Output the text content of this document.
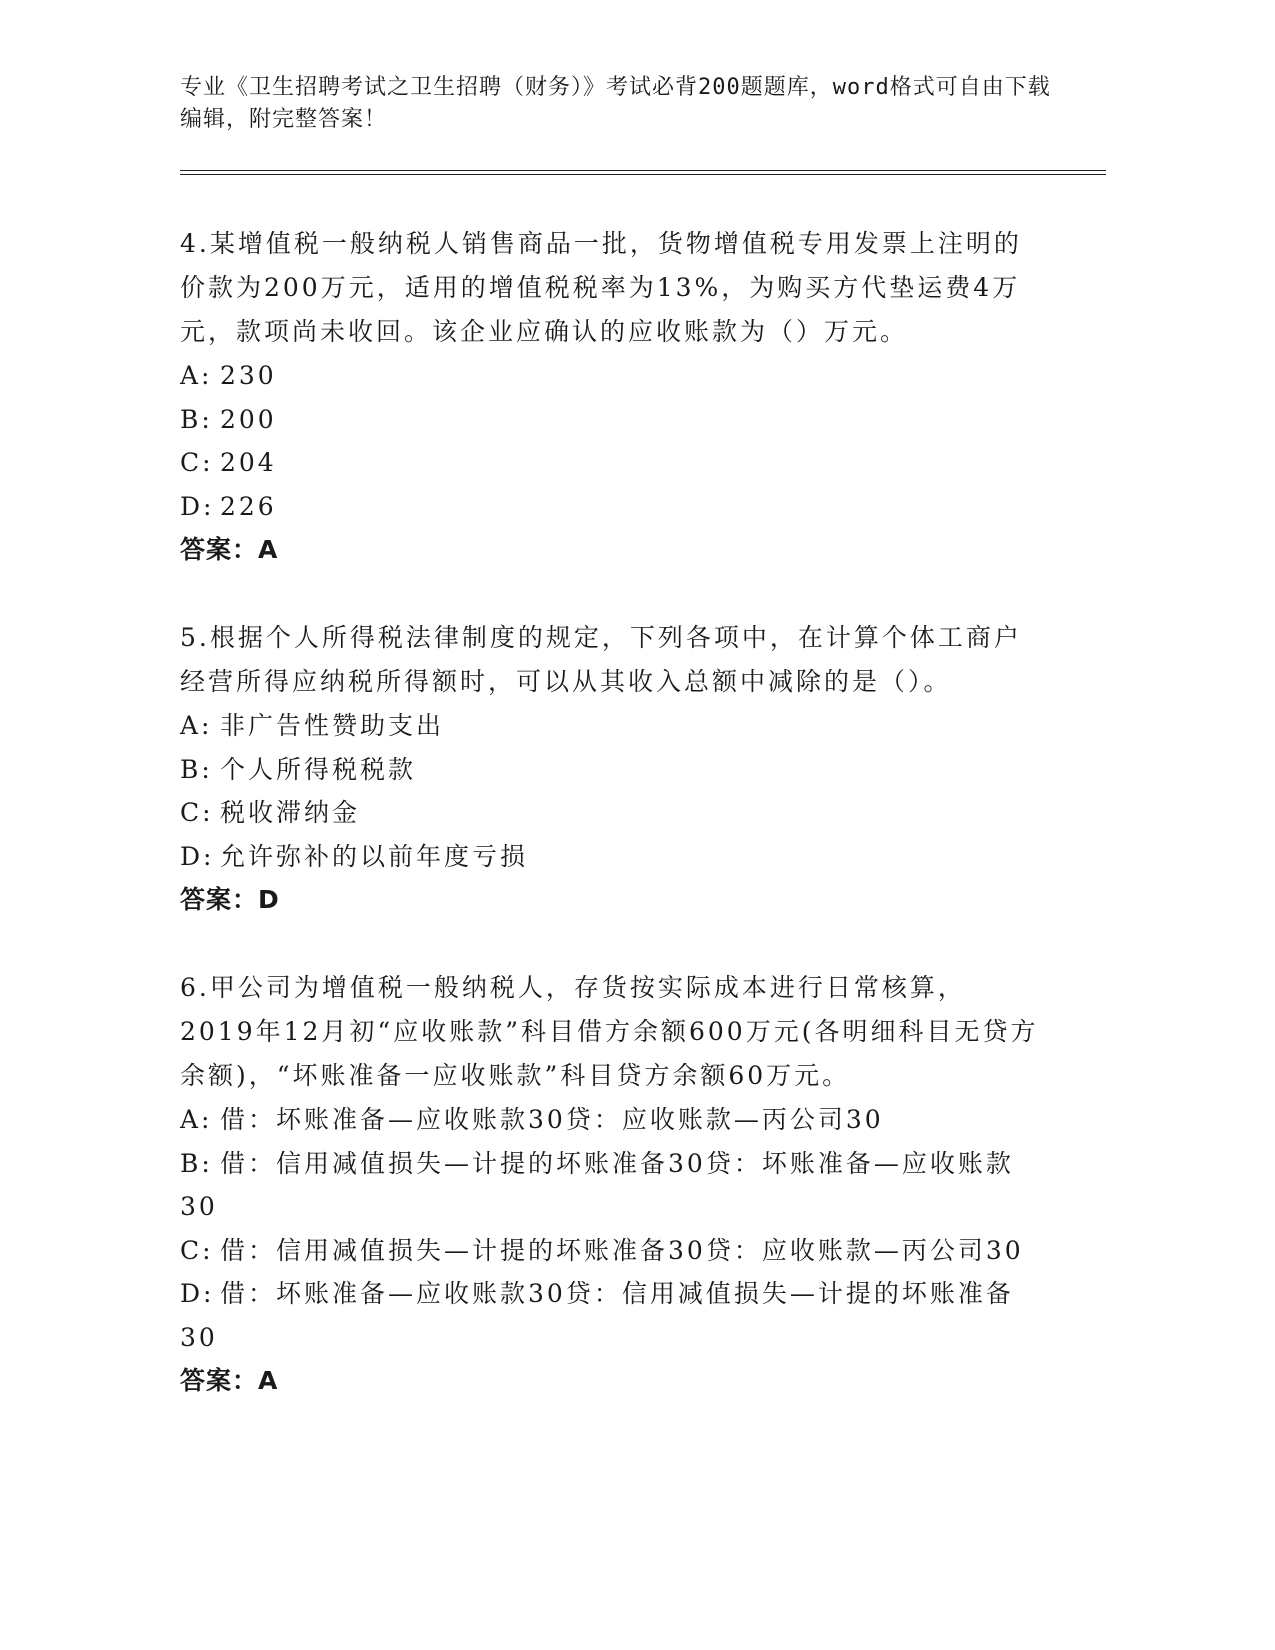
专业《卫生招聘考试之卫生招聘（财务）》考试必背200题题库，word格式可自由下载编辑，附完整答案！

4.某增值税一般纳税人销售商品一批，货物增值税专用发票上注明的价款为200万元，适用的增值税税率为13%，为购买方代垫运费4万元，款项尚未收回。该企业应确认的应收账款为（）万元。

A: 230

B: 200

C: 204

D: 226

答案：A

5.根据个人所得税法律制度的规定，下列各项中，在计算个体工商户经营所得应纳税所得额时，可以从其收入总额中减除的是（）。

A: 非广告性赞助支出

B: 个人所得税税款

C: 税收滞纳金

D: 允许弥补的以前年度亏损

答案：D

6.甲公司为增值税一般纳税人，存货按实际成本进行日常核算，2019年12月初“应收账款”科目借方余额600万元(各明细科目无贷方余额)，“坏账准备一应收账款”科目贷方余额60万元。

A: 借：坏账准备—应收账款30贷：应收账款—丙公司30

B: 借：信用减值损失—计提的坏账准备30贷：坏账准备—应收账款30

C: 借：信用减值损失—计提的坏账准备30贷：应收账款—丙公司30

D: 借：坏账准备—应收账款30贷：信用减值损失—计提的坏账准备30

答案：A
